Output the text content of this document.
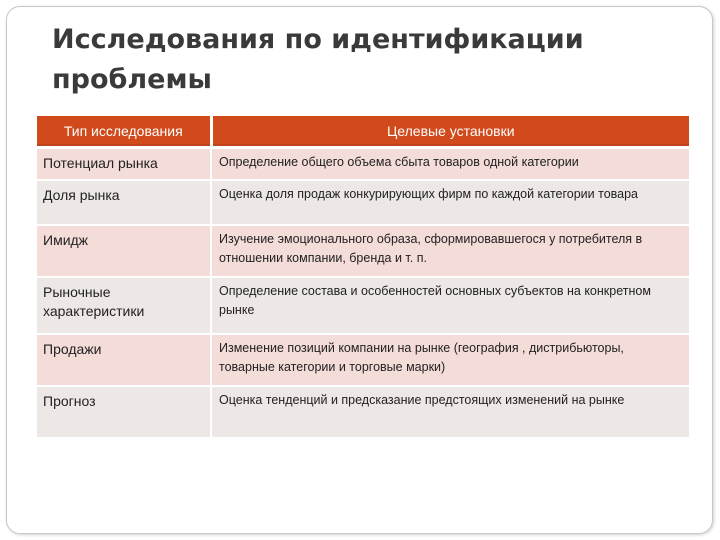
Исследования по идентификации проблемы
Тип исследования	Целевые установки
Потенциал рынка	Определение общего объема сбыта товаров одной категории
Доля рынка	Оценка доля продаж конкурирующих фирм по каждой категории товара
Имидж	Изучение эмоционального образа, сформировавшегося у потребителя в отношении компании, бренда и т. п.
Рыночные характеристики	Определение состава и особенностей основных субъектов на конкретном рынке
Продажи	Изменение позиций компании на рынке (география , дистрибьюторы, товарные категории и торговые марки)
Прогноз	Оценка тенденций и предсказание предстоящих изменений на рынке
